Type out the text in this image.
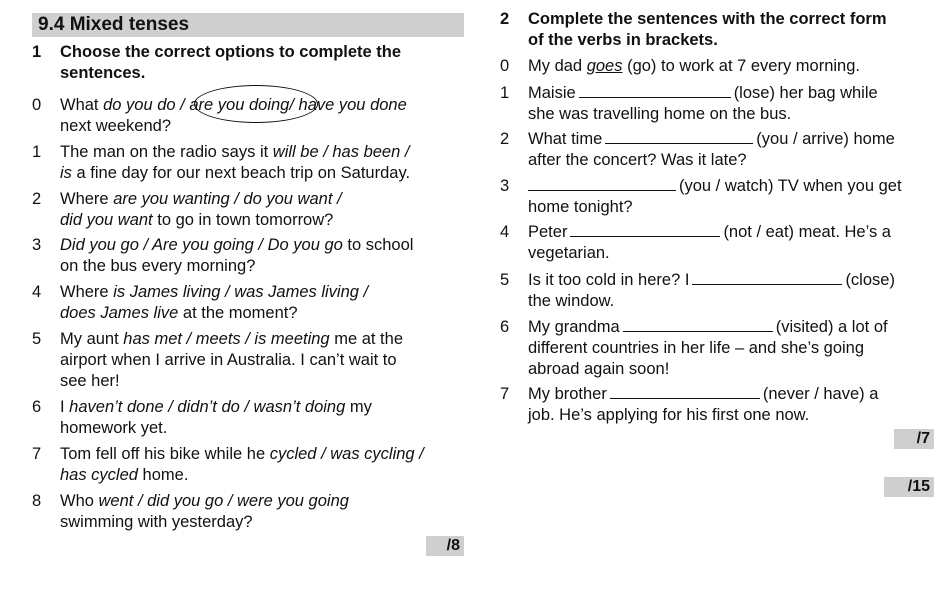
9.4 Mixed tenses
1 Choose the correct options to complete the
sentences.
0	What do you do / are you doing/ have you done
next weekend?
1	The man on the radio says it will be / has been /
is a fine day for our next beach trip on Saturday.
2	Where are you wanting / do you want /
did you want to go in town tomorrow?
3	Did you go / Are you going / Do you go to school
on the bus every morning?
4	Where is James living / was James living /
does James live at the moment?
5	My aunt has met / meets / is meeting me at the
airport when I arrive in Australia. I can’t wait to
see her!
6	I haven’t done / didn’t do / wasn’t doing my
homework yet.
7	Tom fell off his bike while he cycled / was cycling /
has cycled home.
8	Who went / did you go / were you going
swimming with yesterday?
/8
2 Complete the sentences with the correct form
of the verbs in brackets.
0	My dad goes (go) to work at 7 every morning.
1	Maisie	(lose) her bag while
she was travelling home on the bus.
2	What time	(you / arrive) home
after the concert? Was it late?
3	(you / watch) TV when you get
home tonight?
4	Peter	(not / eat) meat. He’s a
vegetarian.
5	Is it too cold in here? I	(close)
the window.
6	My grandma	(visited) a lot of
different countries in her life – and she’s going
abroad again soon!
7	My brother	(never / have) a
job. He’s applying for his first one now.
/7
/15
